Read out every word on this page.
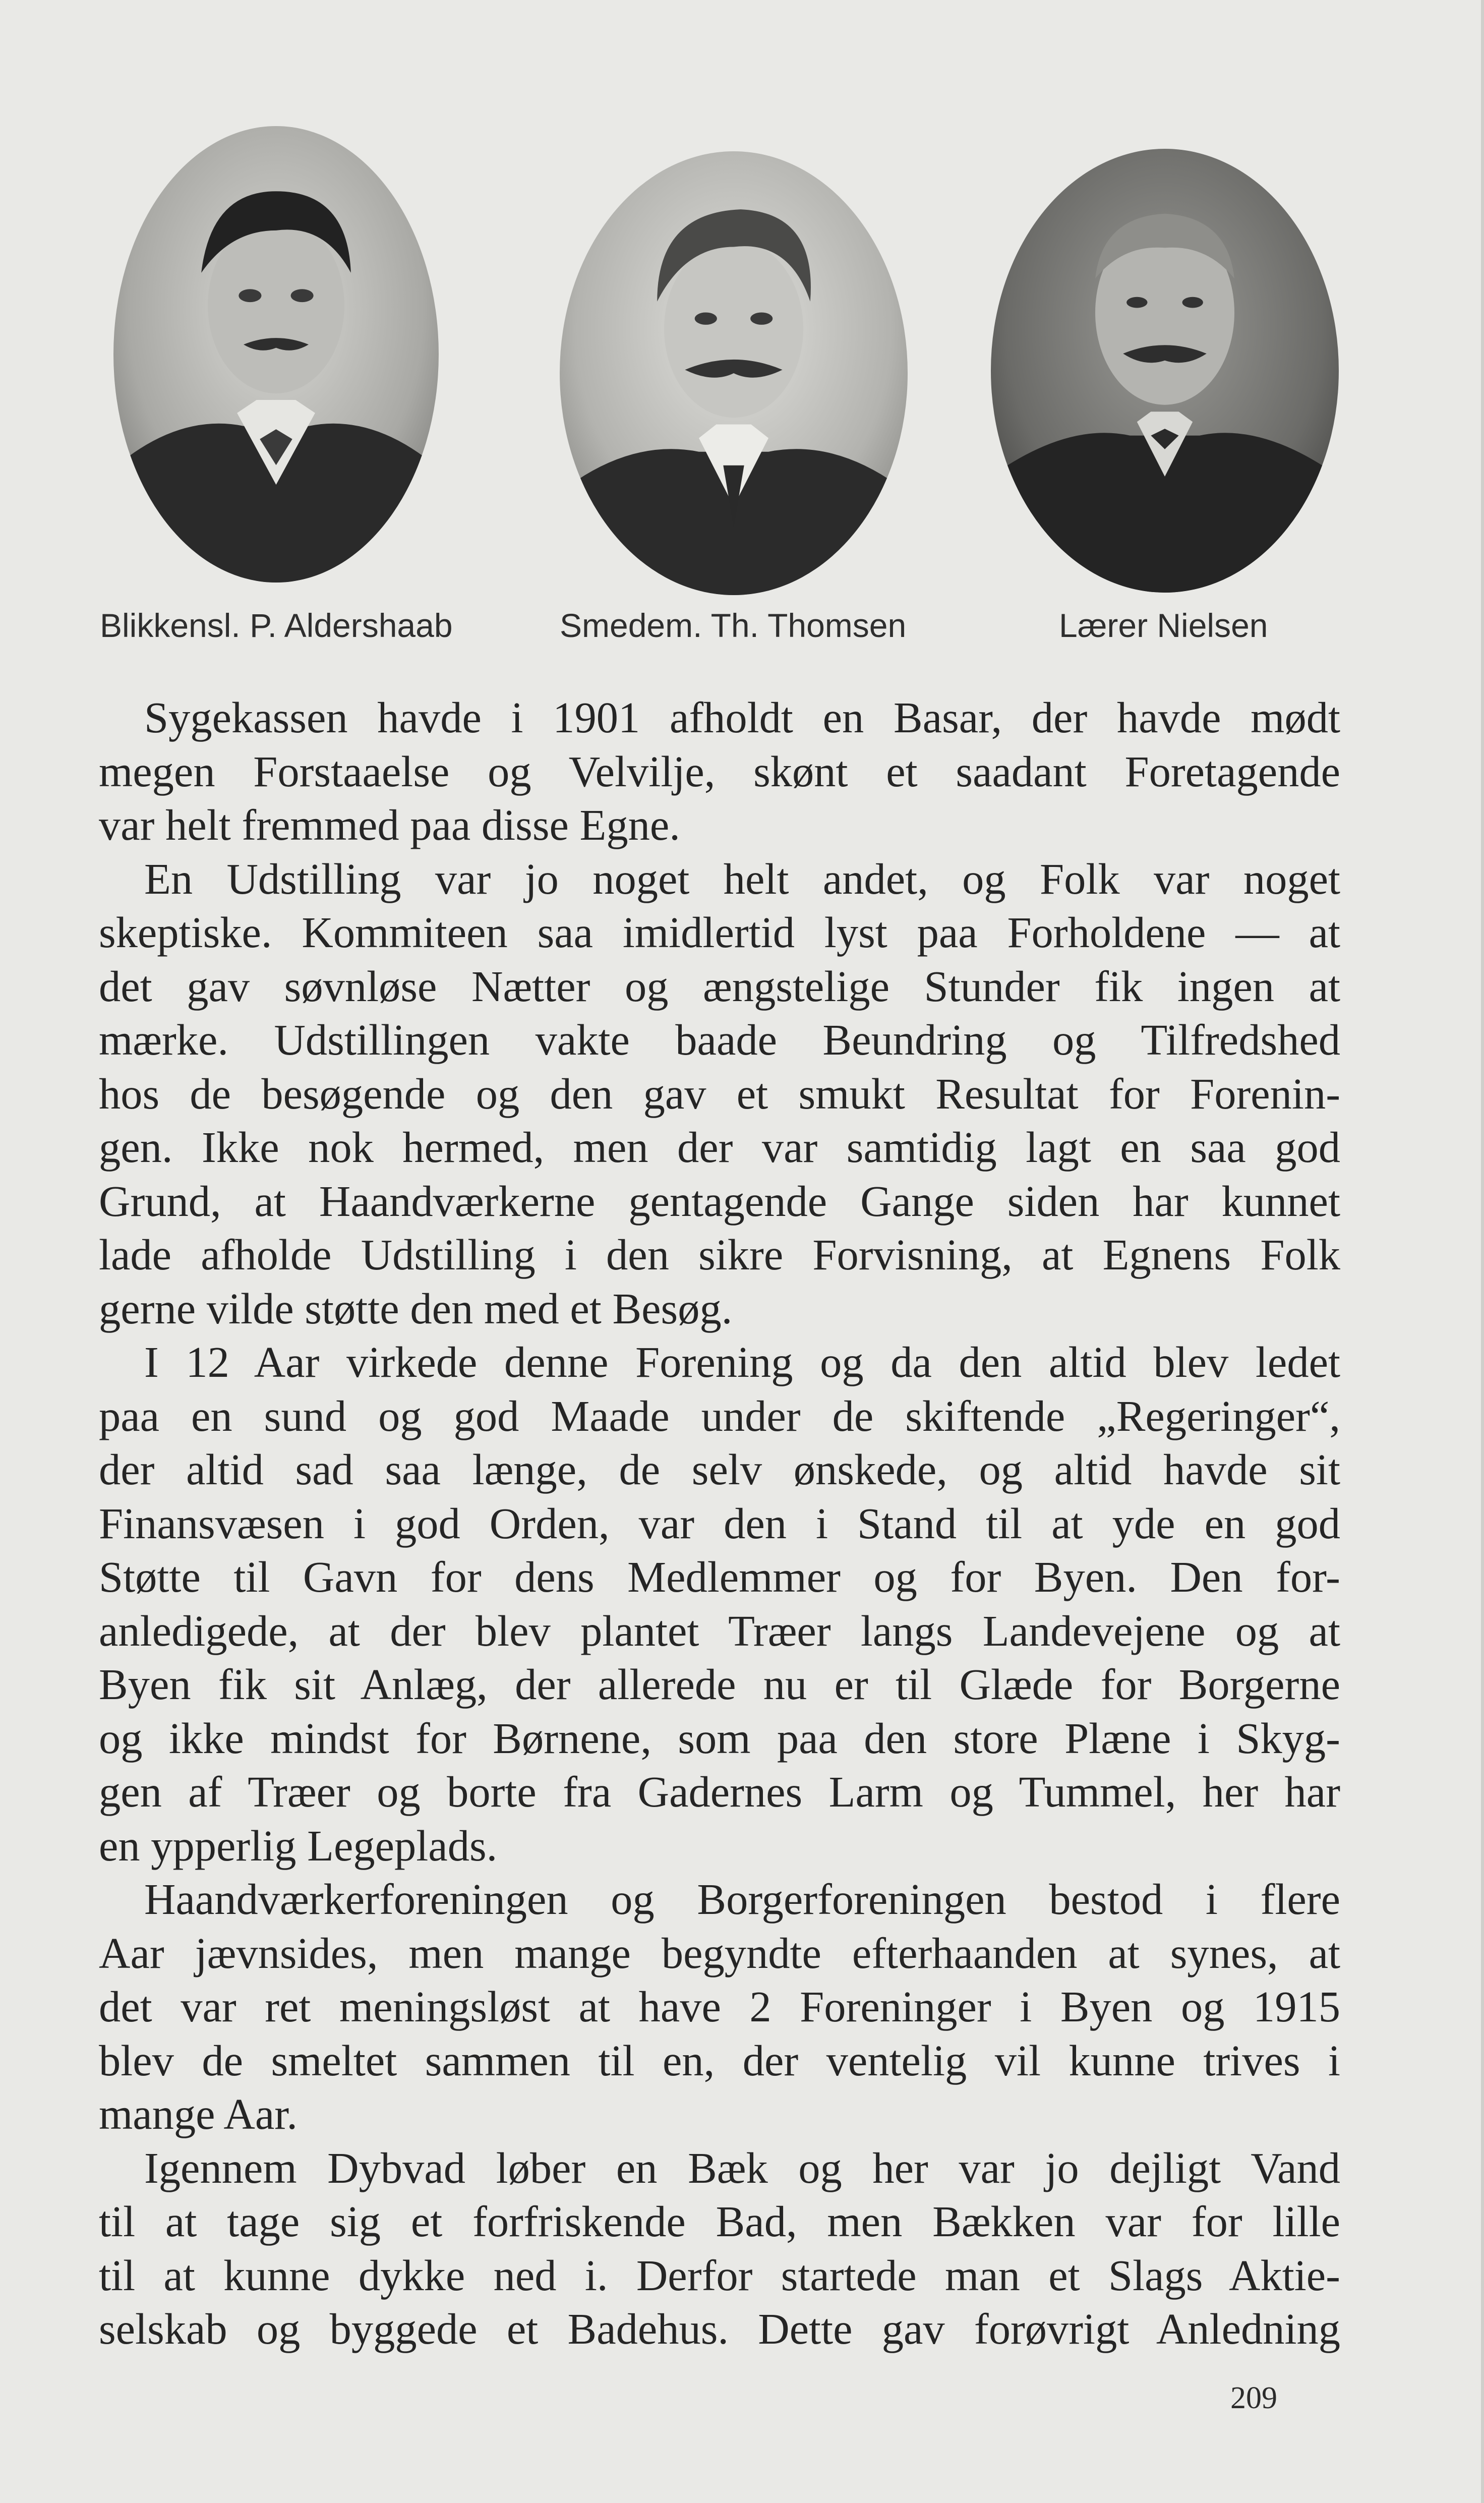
Blikkensl. P. Aldershaab	Smedem. Th. Thomsen	Lærer Nielsen
Sygekassen havde i 1901 afholdt en Basar, der havde mødt
megen Forstaaelse og Velvilje, skønt et saadant Foretagende
var helt fremmed paa disse Egne.
En Udstilling var jo noget helt andet, og Folk var noget
skeptiske. Kommiteen saa imidlertid lyst paa Forholdene — at
det gav søvnløse Nætter og ængstelige Stunder fik ingen at
mærke. Udstillingen vakte baade Beundring og Tilfredshed
hos de besøgende og den gav et smukt Resultat for Forenin-
gen. Ikke nok hermed, men der var samtidig lagt en saa god
Grund, at Haandværkerne gentagende Gange siden har kunnet
lade afholde Udstilling i den sikre Forvisning, at Egnens Folk
gerne vilde støtte den med et Besøg.
I 12 Aar virkede denne Forening og da den altid blev ledet
paa en sund og god Maade under de skiftende „Regeringer“,
der altid sad saa længe, de selv ønskede, og altid havde sit
Finansvæsen i god Orden, var den i Stand til at yde en god
Støtte til Gavn for dens Medlemmer og for Byen. Den for-
anledigede, at der blev plantet Træer langs Landevejene og at
Byen fik sit Anlæg, der allerede nu er til Glæde for Borgerne
og ikke mindst for Børnene, som paa den store Plæne i Skyg-
gen af Træer og borte fra Gadernes Larm og Tummel, her har
en ypperlig Legeplads.
Haandværkerforeningen og Borgerforeningen bestod i flere
Aar jævnsides, men mange begyndte efterhaanden at synes, at
det var ret meningsløst at have 2 Foreninger i Byen og 1915
blev de smeltet sammen til en, der ventelig vil kunne trives i
mange Aar.
Igennem Dybvad løber en Bæk og her var jo dejligt Vand
til at tage sig et forfriskende Bad, men Bækken var for lille
til at kunne dykke ned i. Derfor startede man et Slags Aktie-
selskab og byggede et Badehus. Dette gav forøvrigt Anledning
209
